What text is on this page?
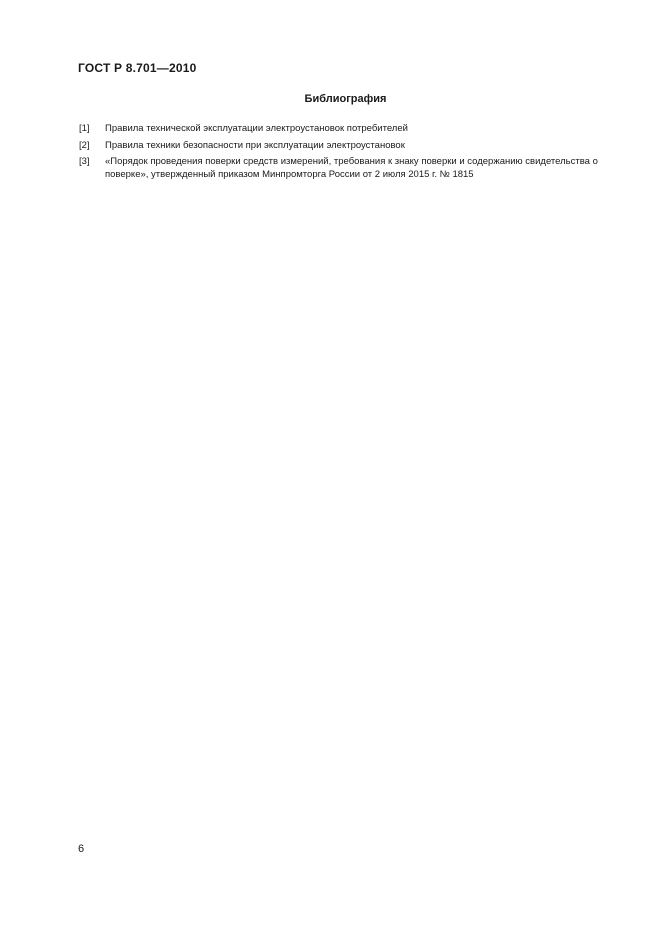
ГОСТ Р 8.701—2010
Библиография
[1]	Правила технической эксплуатации электроустановок потребителей
[2]	Правила техники безопасности при эксплуатации электроустановок
[3]	«Порядок проведения поверки средств измерений, требования к знаку поверки и содержанию свидетельства о поверке», утвержденный приказом Минпромторга России от 2 июля 2015 г. № 1815
6
